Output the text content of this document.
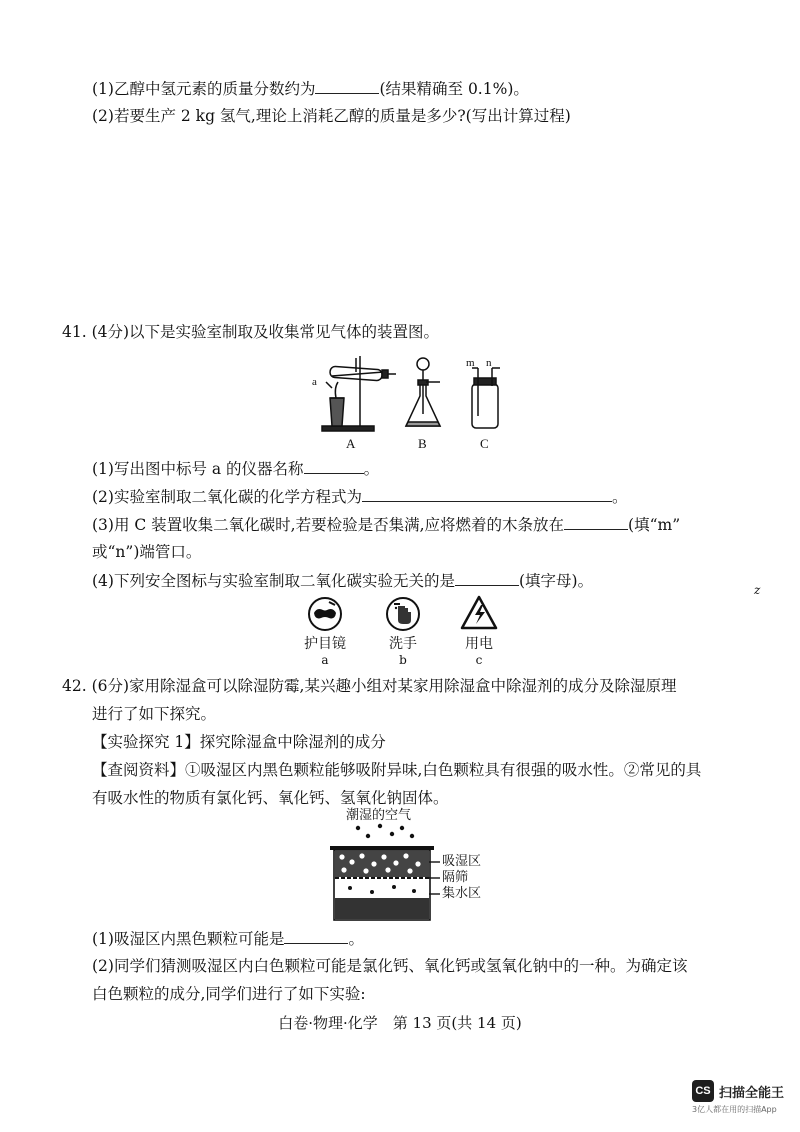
(1)乙醇中氢元素的质量分数约为	(结果精确至 0.1%)。
(2)若要生产 2 kg 氢气,理论上消耗乙醇的质量是多少?(写出计算过程)
41. (4分)以下是实验室制取及收集常见气体的装置图。
a
m n
A	B	C
(1)写出图中标号 a 的仪器名称	。
(2)实验室制取二氧化碳的化学方程式为	。
(3)用 C 装置收集二氧化碳时,若要检验是否集满,应将燃着的木条放在	(填“m”
或“n”)端管口。
(4)下列安全图标与实验室制取二氧化碳实验无关的是	(填字母)。	z
护目镜
a
洗手
b
用电
c
42. (6分)家用除湿盒可以除湿防霉,某兴趣小组对某家用除湿盒中除湿剂的成分及除湿原理
进行了如下探究。
【实验探究 1】探究除湿盒中除湿剂的成分
【查阅资料】①吸湿区内黑色颗粒能够吸附异味,白色颗粒具有很强的吸水性。②常见的具
有吸水性的物质有氯化钙、氧化钙、氢氧化钠固体。
潮湿的空气
吸湿区
隔筛
集水区
(1)吸湿区内黑色颗粒可能是	。
(2)同学们猜测吸湿区内白色颗粒可能是氯化钙、氧化钙或氢氧化钠中的一种。为确定该
白色颗粒的成分,同学们进行了如下实验:
白卷·物理·化学　第 13 页(共 14 页)
CS 扫描全能王
3亿人都在用的扫描App
